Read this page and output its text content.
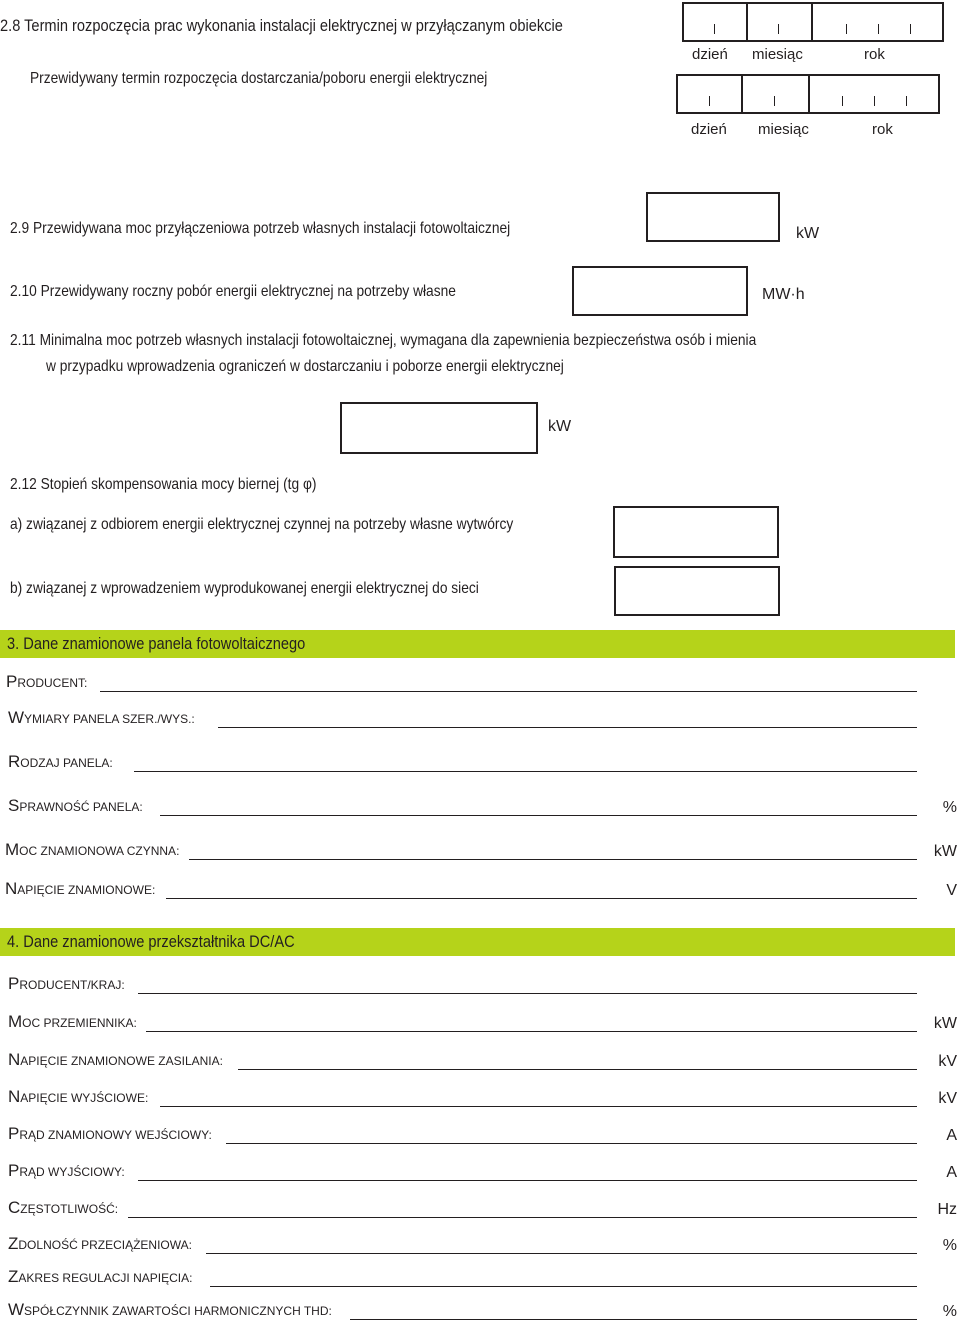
2.8 Termin rozpoczęcia prac wykonania instalacji elektrycznej w przyłączanym obiekcie
Przewidywany termin rozpoczęcia dostarczania/poboru energii elektrycznej
dzień miesiąc	rok
dzień miesiąc	rok
2.9 Przewidywana moc przyłączeniowa potrzeb własnych instalacji fotowoltaicznej	kW
2.10 Przewidywany roczny pobór energii elektrycznej na potrzeby własne	MW·h
2.11 Minimalna moc potrzeb własnych instalacji fotowoltaicznej, wymagana dla zapewnienia bezpieczeństwa osób i mienia
w przypadku wprowadzenia ograniczeń w dostarczaniu i poborze energii elektrycznej
kW
2.12 Stopień skompensowania mocy biernej (tg φ)
a) związanej z odbiorem energii elektrycznej czynnej na potrzeby własne wytwórcy
b) związanej z wprowadzeniem wyprodukowanej energii elektrycznej do sieci
3. Dane znamionowe panela fotowoltaicznego
PRODUCENT:
WYMIARY PANELA SZER./WYS.:
RODZAJ PANELA:
SPRAWNOŚĆ PANELA:	%
MOC ZNAMIONOWA CZYNNA:	kW
NAPIĘCIE ZNAMIONOWE:	V
4. Dane znamionowe przekształtnika DC/AC
PRODUCENT/KRAJ:
MOC PRZEMIENNIKA:	kW
NAPIĘCIE ZNAMIONOWE ZASILANIA:	kV
NAPIĘCIE WYJŚCIOWE:	kV
PRĄD ZNAMIONOWY WEJŚCIOWY:	A
PRĄD WYJŚCIOWY:	A
CZĘSTOTLIWOŚĆ:	Hz
ZDOLNOŚĆ PRZECIĄŻENIOWA:	%
ZAKRES REGULACJI NAPIĘCIA:
WSPÓŁCZYNNIK ZAWARTOŚCI HARMONICZNYCH THD:	%
